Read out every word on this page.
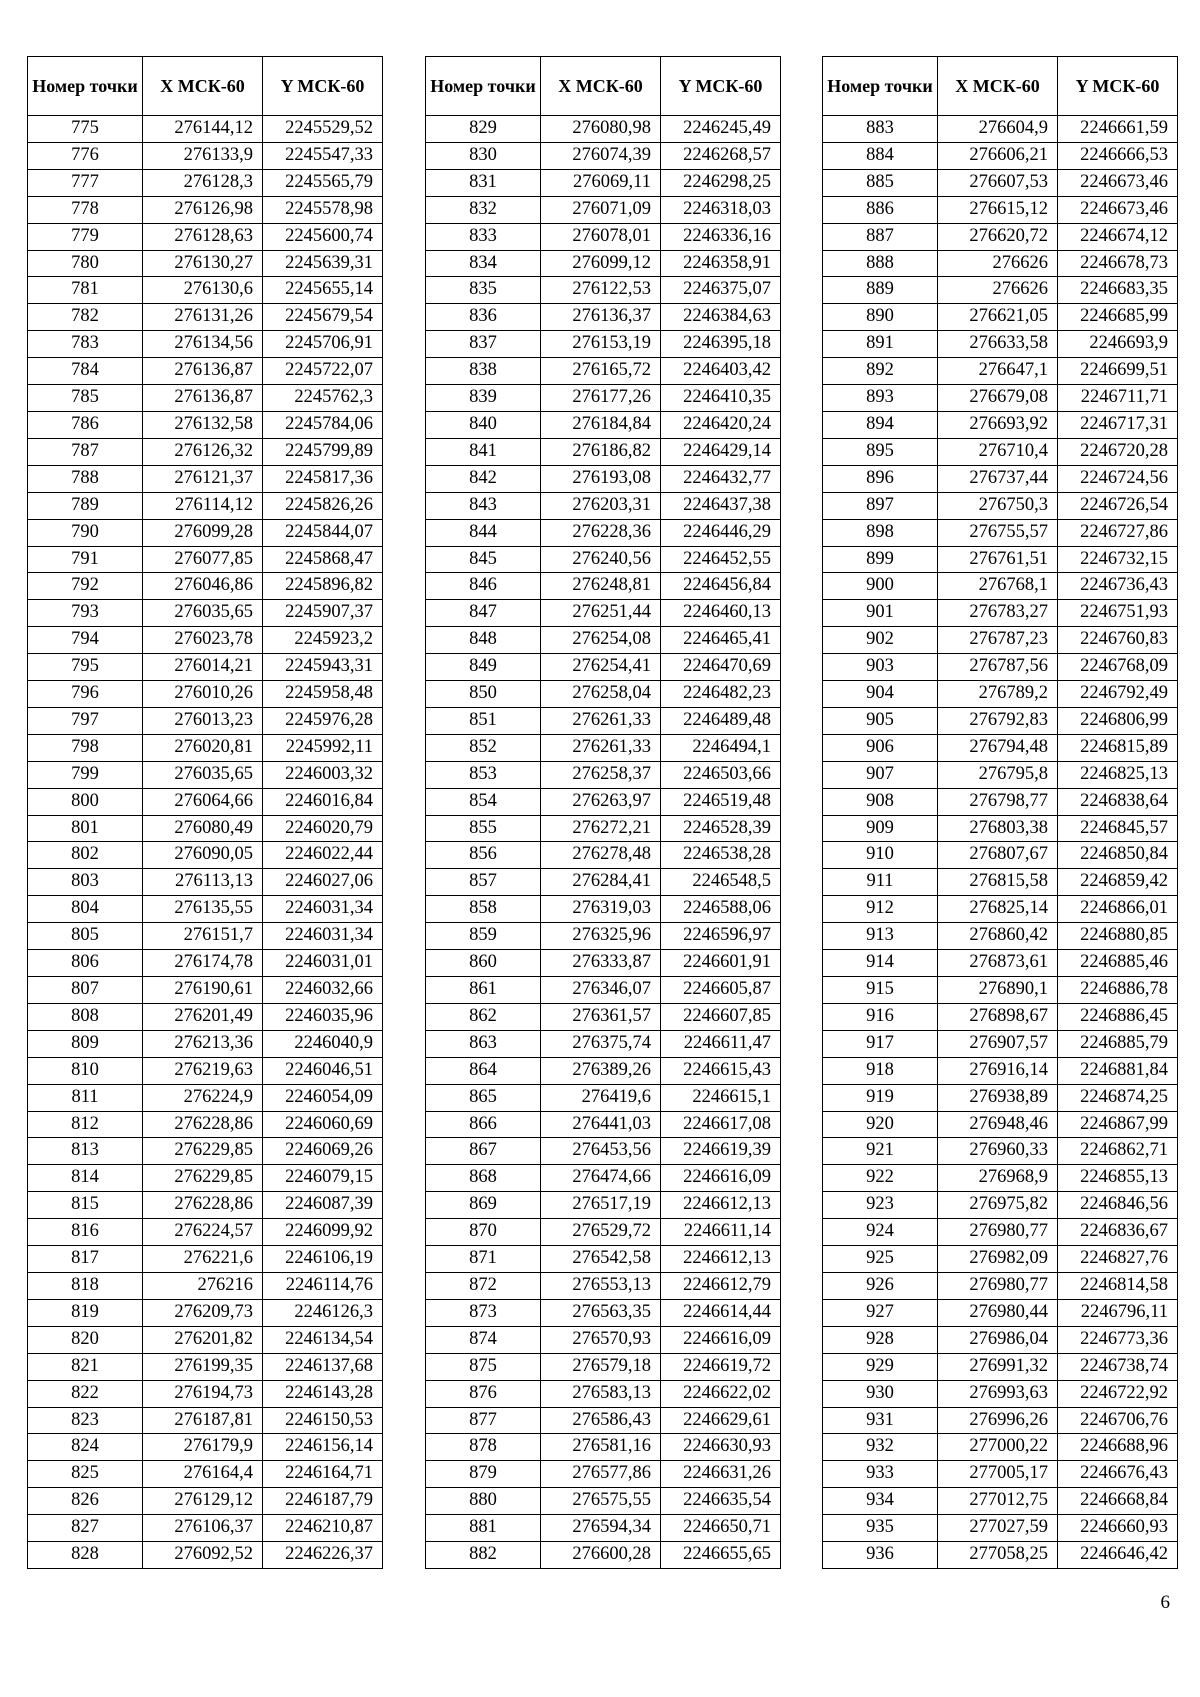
Номер точки	X МСК-60	Y МСК-60
775	276144,12	2245529,52
776	276133,9	2245547,33
777	276128,3	2245565,79
778	276126,98	2245578,98
779	276128,63	2245600,74
780	276130,27	2245639,31
781	276130,6	2245655,14
782	276131,26	2245679,54
783	276134,56	2245706,91
784	276136,87	2245722,07
785	276136,87	2245762,3
786	276132,58	2245784,06
787	276126,32	2245799,89
788	276121,37	2245817,36
789	276114,12	2245826,26
790	276099,28	2245844,07
791	276077,85	2245868,47
792	276046,86	2245896,82
793	276035,65	2245907,37
794	276023,78	2245923,2
795	276014,21	2245943,31
796	276010,26	2245958,48
797	276013,23	2245976,28
798	276020,81	2245992,11
799	276035,65	2246003,32
800	276064,66	2246016,84
801	276080,49	2246020,79
802	276090,05	2246022,44
803	276113,13	2246027,06
804	276135,55	2246031,34
805	276151,7	2246031,34
806	276174,78	2246031,01
807	276190,61	2246032,66
808	276201,49	2246035,96
809	276213,36	2246040,9
810	276219,63	2246046,51
811	276224,9	2246054,09
812	276228,86	2246060,69
813	276229,85	2246069,26
814	276229,85	2246079,15
815	276228,86	2246087,39
816	276224,57	2246099,92
817	276221,6	2246106,19
818	276216	2246114,76
819	276209,73	2246126,3
820	276201,82	2246134,54
821	276199,35	2246137,68
822	276194,73	2246143,28
823	276187,81	2246150,53
824	276179,9	2246156,14
825	276164,4	2246164,71
826	276129,12	2246187,79
827	276106,37	2246210,87
828	276092,52	2246226,37
Номер точки	X МСК-60	Y МСК-60
829	276080,98	2246245,49
830	276074,39	2246268,57
831	276069,11	2246298,25
832	276071,09	2246318,03
833	276078,01	2246336,16
834	276099,12	2246358,91
835	276122,53	2246375,07
836	276136,37	2246384,63
837	276153,19	2246395,18
838	276165,72	2246403,42
839	276177,26	2246410,35
840	276184,84	2246420,24
841	276186,82	2246429,14
842	276193,08	2246432,77
843	276203,31	2246437,38
844	276228,36	2246446,29
845	276240,56	2246452,55
846	276248,81	2246456,84
847	276251,44	2246460,13
848	276254,08	2246465,41
849	276254,41	2246470,69
850	276258,04	2246482,23
851	276261,33	2246489,48
852	276261,33	2246494,1
853	276258,37	2246503,66
854	276263,97	2246519,48
855	276272,21	2246528,39
856	276278,48	2246538,28
857	276284,41	2246548,5
858	276319,03	2246588,06
859	276325,96	2246596,97
860	276333,87	2246601,91
861	276346,07	2246605,87
862	276361,57	2246607,85
863	276375,74	2246611,47
864	276389,26	2246615,43
865	276419,6	2246615,1
866	276441,03	2246617,08
867	276453,56	2246619,39
868	276474,66	2246616,09
869	276517,19	2246612,13
870	276529,72	2246611,14
871	276542,58	2246612,13
872	276553,13	2246612,79
873	276563,35	2246614,44
874	276570,93	2246616,09
875	276579,18	2246619,72
876	276583,13	2246622,02
877	276586,43	2246629,61
878	276581,16	2246630,93
879	276577,86	2246631,26
880	276575,55	2246635,54
881	276594,34	2246650,71
882	276600,28	2246655,65
Номер точки	X МСК-60	Y МСК-60
883	276604,9	2246661,59
884	276606,21	2246666,53
885	276607,53	2246673,46
886	276615,12	2246673,46
887	276620,72	2246674,12
888	276626	2246678,73
889	276626	2246683,35
890	276621,05	2246685,99
891	276633,58	2246693,9
892	276647,1	2246699,51
893	276679,08	2246711,71
894	276693,92	2246717,31
895	276710,4	2246720,28
896	276737,44	2246724,56
897	276750,3	2246726,54
898	276755,57	2246727,86
899	276761,51	2246732,15
900	276768,1	2246736,43
901	276783,27	2246751,93
902	276787,23	2246760,83
903	276787,56	2246768,09
904	276789,2	2246792,49
905	276792,83	2246806,99
906	276794,48	2246815,89
907	276795,8	2246825,13
908	276798,77	2246838,64
909	276803,38	2246845,57
910	276807,67	2246850,84
911	276815,58	2246859,42
912	276825,14	2246866,01
913	276860,42	2246880,85
914	276873,61	2246885,46
915	276890,1	2246886,78
916	276898,67	2246886,45
917	276907,57	2246885,79
918	276916,14	2246881,84
919	276938,89	2246874,25
920	276948,46	2246867,99
921	276960,33	2246862,71
922	276968,9	2246855,13
923	276975,82	2246846,56
924	276980,77	2246836,67
925	276982,09	2246827,76
926	276980,77	2246814,58
927	276980,44	2246796,11
928	276986,04	2246773,36
929	276991,32	2246738,74
930	276993,63	2246722,92
931	276996,26	2246706,76
932	277000,22	2246688,96
933	277005,17	2246676,43
934	277012,75	2246668,84
935	277027,59	2246660,93
936	277058,25	2246646,42
6
